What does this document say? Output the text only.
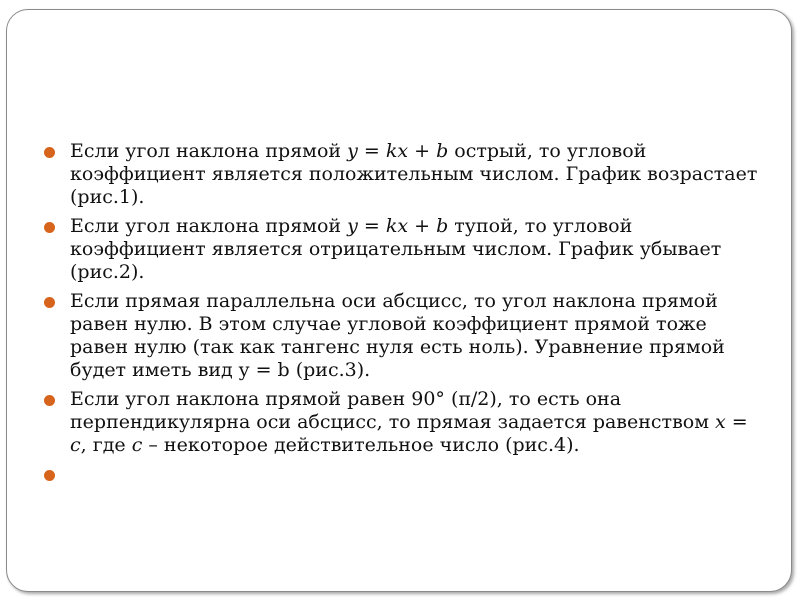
Если угол наклона прямой y = kx + b острый, то угловой коэффициент является положительным числом. График возрастает (рис.1).
Если угол наклона прямой y = kx + b тупой, то угловой коэффициент является отрицательным числом. График убывает (рис.2).
Если прямая параллельна оси абсцисс, то угол наклона прямой равен нулю. В этом случае угловой коэффициент прямой тоже равен нулю (так как тангенс нуля есть ноль). Уравнение прямой будет иметь вид y = b (рис.3).
Если угол наклона прямой равен 90° (π/2), то есть она перпендикулярна оси абсцисс, то прямая задается равенством x = c, где c – некоторое действительное число (рис.4).
